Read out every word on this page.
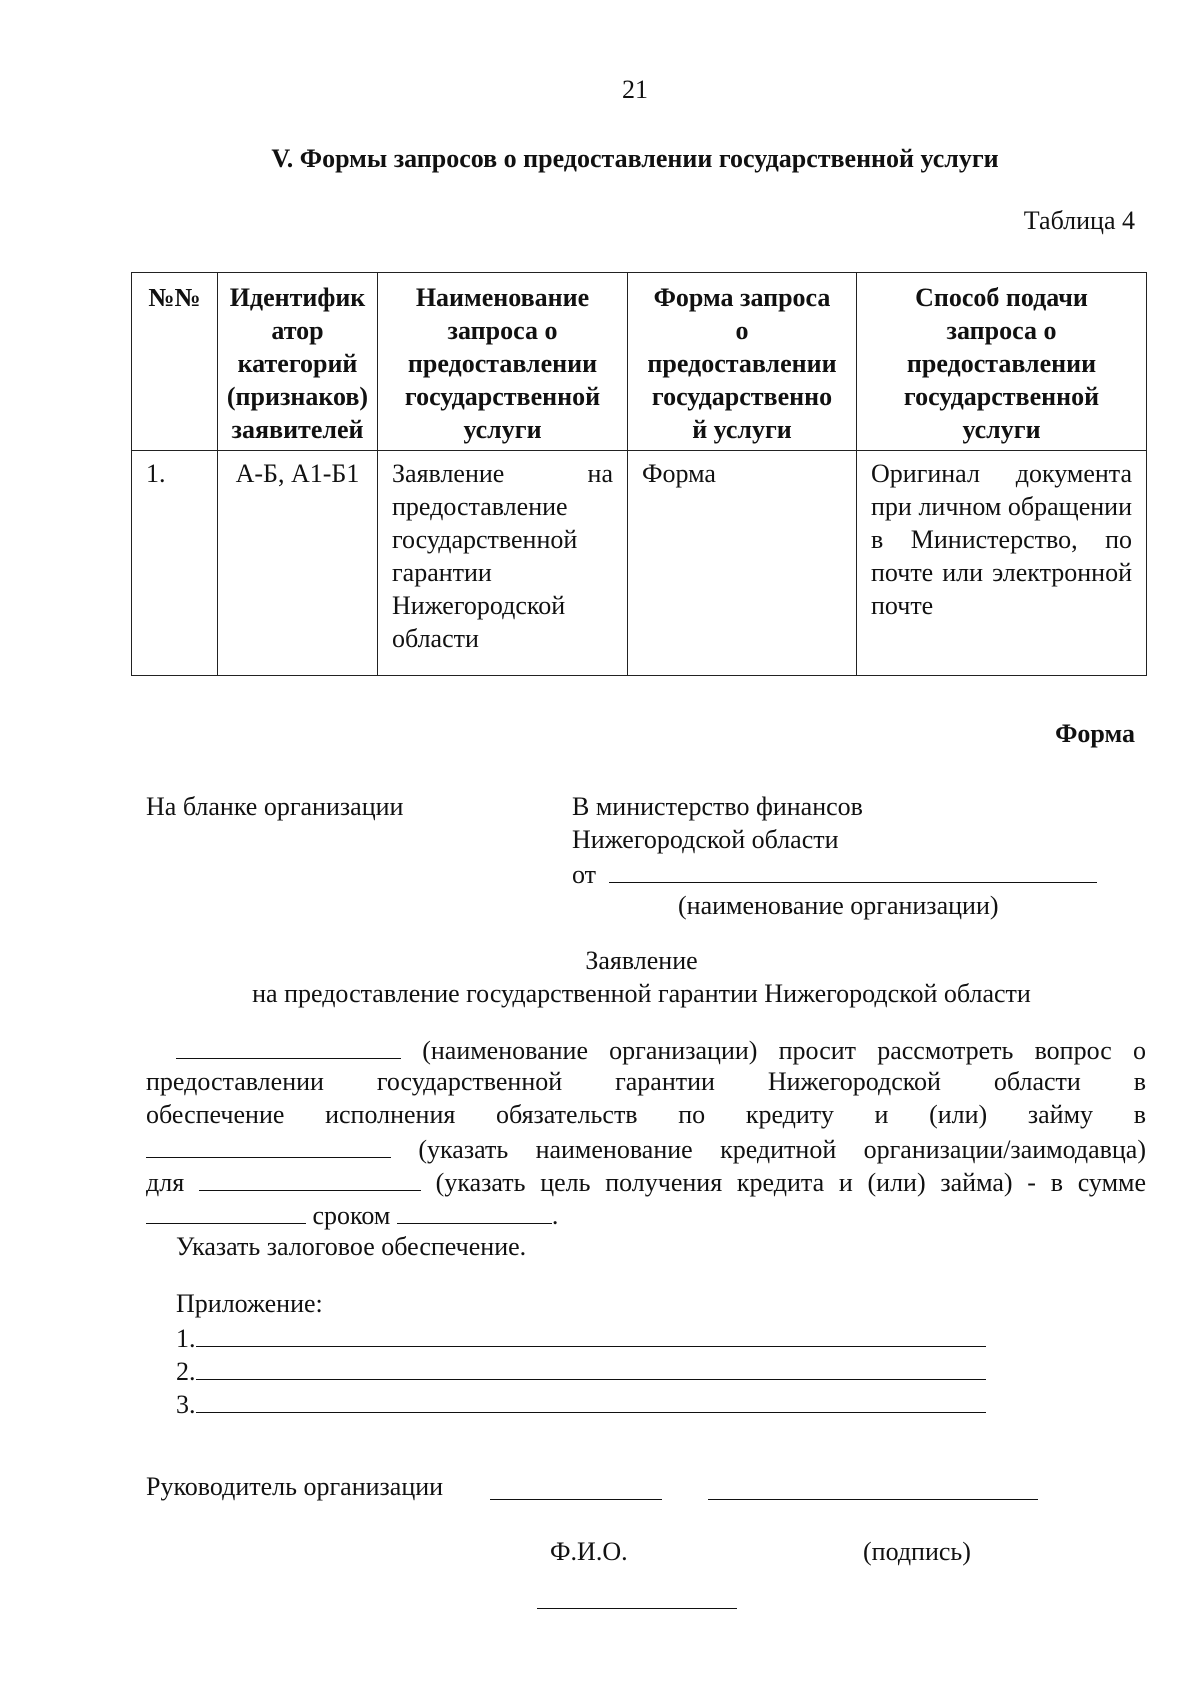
21
V. Формы запросов о предоставлении государственной услуги
Таблица 4
№№	Идентифик
атор
категорий
(признаков)
заявителей	Наименование
запроса о
предоставлении
государственной
услуги	Форма запроса
о
предоставлении
государственно
й услуги	Способ подачи
запроса о
предоставлении
государственной
услуги
1.	А-Б, А1-Б1	Заявление на предоставление государственной гарантии Нижегородской области	Форма	Оригинал документа при личном обращении в Министерство, по почте или электронной почте
Форма
На бланке организации	В министерство финансов
Нижегородской области
от
(наименование организации)
Заявление
на предоставление государственной гарантии Нижегородской области
(наименование организации) просит рассмотреть вопрос о
предоставлении государственной гарантии Нижегородской области в
обеспечение исполнения обязательств по кредиту и (или) займу в
(указать наименование кредитной организации/заимодавца)
для	(указать цель получения кредита и (или) займа) - в сумме
сроком	.
Указать залоговое обеспечение.
Приложение:
1.
2.
3.
Руководитель организации
Ф.И.О.	(подпись)
